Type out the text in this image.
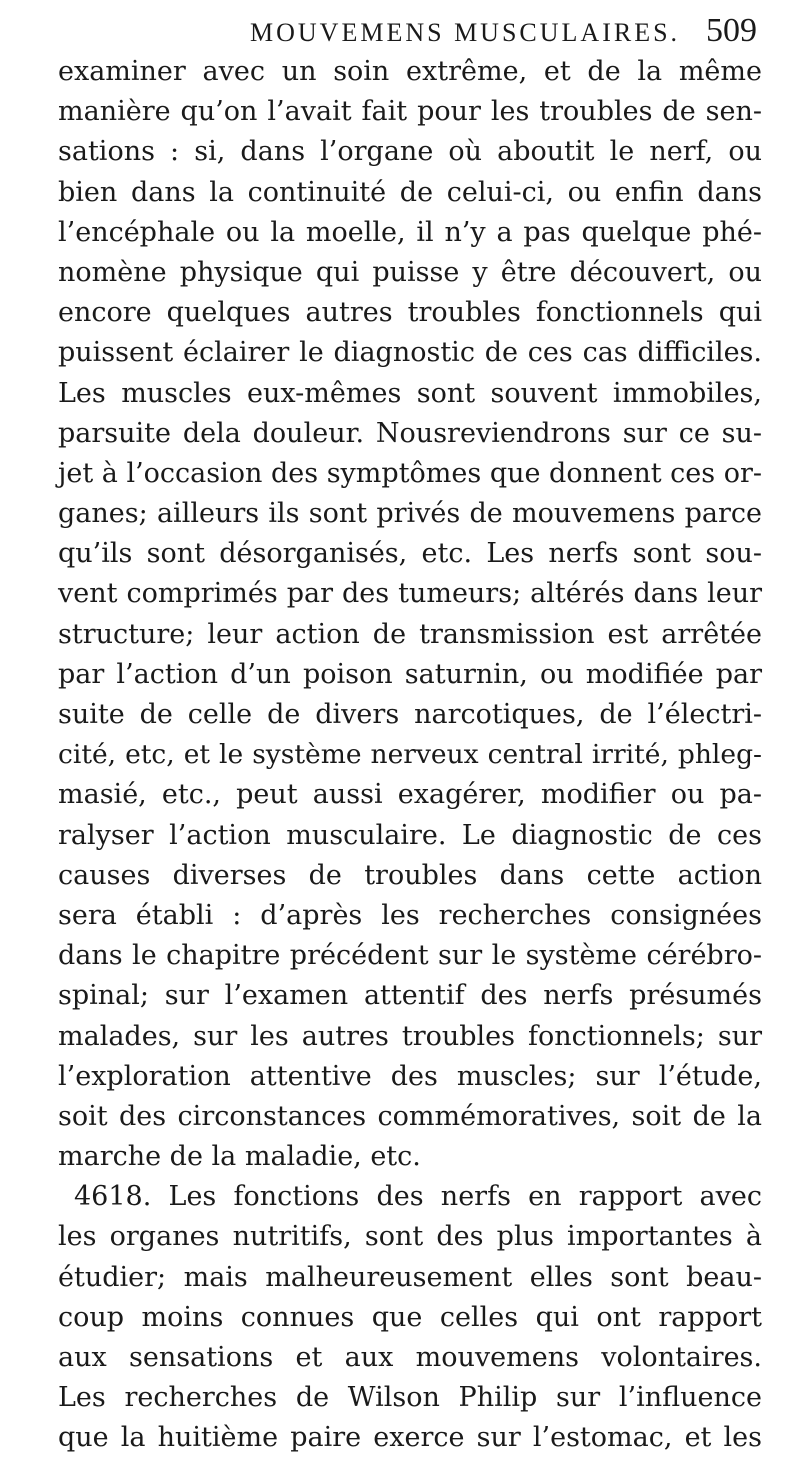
MOUVEMENS MUSCULAIRES. 509
examiner avec un soin extrême, et de la même
manière qu’on l’avait fait pour les troubles de sen-
sations : si, dans l’organe où aboutit le nerf, ou
bien dans la continuité de celui-ci, ou enfin dans
l’encéphale ou la moelle, il n’y a pas quelque phé-
nomène physique qui puisse y être découvert, ou
encore quelques autres troubles fonctionnels qui
puissent éclairer le diagnostic de ces cas difficiles.
Les muscles eux-mêmes sont souvent immobiles,
parsuite dela douleur. Nousreviendrons sur ce su-
jet à l’occasion des symptômes que donnent ces or-
ganes; ailleurs ils sont privés de mouvemens parce
qu’ils sont désorganisés, etc. Les nerfs sont sou-
vent comprimés par des tumeurs; altérés dans leur
structure; leur action de transmission est arrêtée
par l’action d’un poison saturnin, ou modifiée par
suite de celle de divers narcotiques, de l’électri-
cité, etc, et le système nerveux central irrité, phleg-
masié, etc., peut aussi exagérer, modifier ou pa-
ralyser l’action musculaire. Le diagnostic de ces
causes diverses de troubles dans cette action
sera établi : d’après les recherches consignées
dans le chapitre précédent sur le système cérébro-
spinal; sur l’examen attentif des nerfs présumés
malades, sur les autres troubles fonctionnels; sur
l’exploration attentive des muscles; sur l’étude,
soit des circonstances commémoratives, soit de la
marche de la maladie, etc.
4618. Les fonctions des nerfs en rapport avec
les organes nutritifs, sont des plus importantes à
étudier; mais malheureusement elles sont beau-
coup moins connues que celles qui ont rapport
aux sensations et aux mouvemens volontaires.
Les recherches de Wilson Philip sur l’influence
que la huitième paire exerce sur l’estomac, et les
